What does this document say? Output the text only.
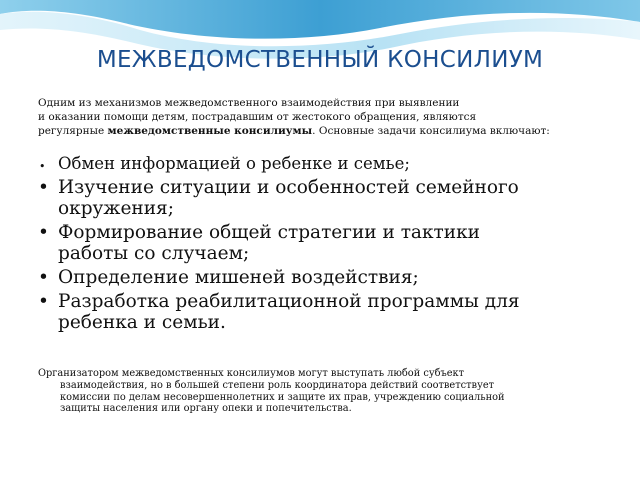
МЕЖВЕДОМСТВЕННЫЙ КОНСИЛИУМ

Одним из механизмов межведомственного взаимодействия при выявлении
и оказании помощи детям, пострадавшим от жестокого обращения, являются
регулярные межведомственные консилиумы. Основные задачи консилиума включают:

• Обмен информацией о ребенке и семье;
• Изучение ситуации и особенностей семейного
окружения;
• Формирование общей стратегии и тактики
работы со случаем;
• Определение мишеней воздействия;
• Разработка реабилитационной программы для
ребенка и семьи.

Организатором межведомственных консилиумов могут выступать любой субъект
взаимодействия, но в большей степени роль координатора действий соответствует
комиссии по делам несовершеннолетних и защите их прав, учреждению социальной
защиты населения или органу опеки и попечительства.
